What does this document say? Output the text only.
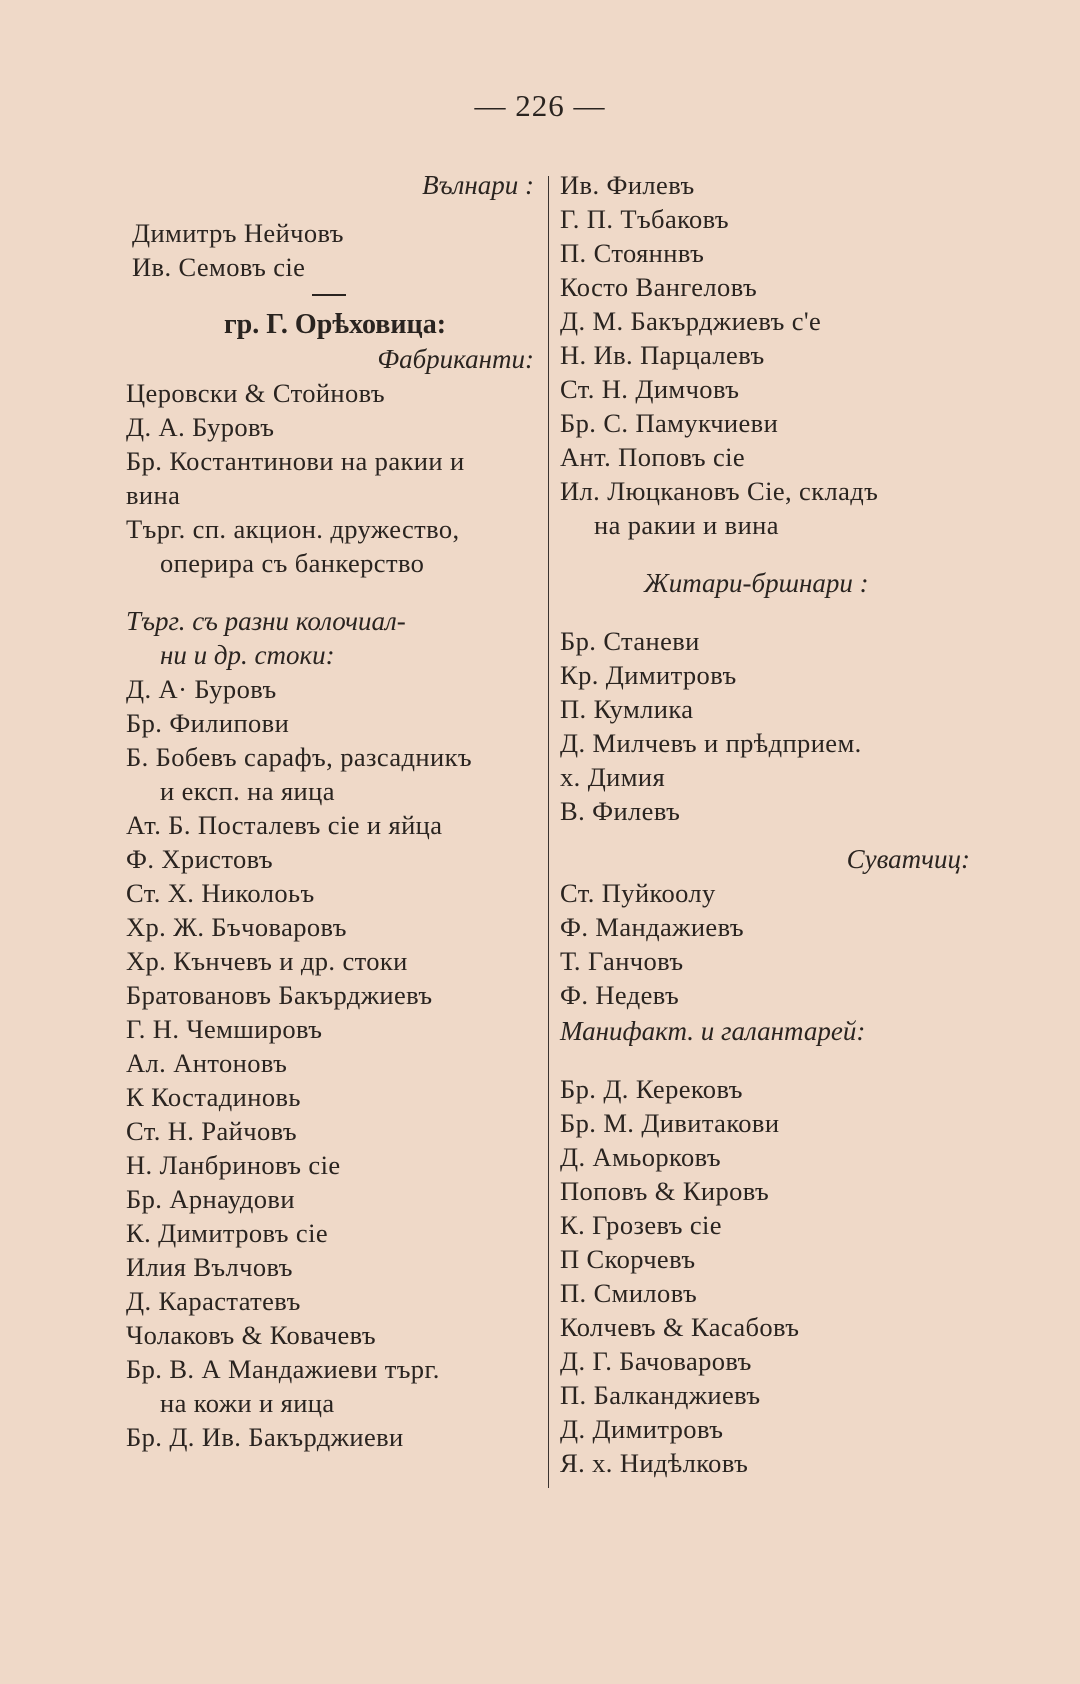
— 226 —
Вълнари :
Димитръ Нейчовъ
Ив. Семовъ сіе
гр. Г. Орѣховица:
Фабриканти:
Церовски & Стойновъ
Д. А. Буровъ
Бр. Костантинови на ракии и
вина
Търг. сп. акцион. дружество,
оперира съ банкерство
Търг. съ разни колочиал-
ни и др. стоки:
Д. А· Буровъ
Бр. Филипови
Б. Бобевъ сарафъ, разсадникъ
и експ. на яица
Ат. Б. Посталевъ сіе и яйца
Ф. Христовъ
Ст. Х. Николоьъ
Хр. Ж. Бъчоваровъ
Хр. Кънчевъ и др. стоки
Братовановъ Бакърджиевъ
Г. Н. Чемшировъ
Ал. Антоновъ
К Костадиновь
Ст. Н. Райчовъ
Н. Ланбриновъ сіе
Бр. Арнаудови
К. Димитровъ сіе
Илия Вълчовъ
Д. Карастатевъ
Чолаковъ & Ковачевъ
Бр. В. А Мандажиеви търг.
на кожи и яица
Бр. Д. Ив. Бакърджиеви
Ив. Филевъ
Г. П. Тъбаковъ
П. Стояннвъ
Косто Вангеловъ
Д. М. Бакърджиевъ с'е
Н. Ив. Парцалевъ
Ст. Н. Димчовъ
Бр. С. Памукчиеви
Ант. Поповъ сіе
Ил. Люцкановъ Сіе, складъ
на ракии и вина
Житари-бршнари :
Бр. Станеви
Кр. Димитровъ
П. Кумлика
Д. Милчевъ и прѣдприем.
х. Димия
В. Филевъ
Суватчиц:
Ст. Пуйкоолу
Ф. Мандажиевъ
Т. Ганчовъ
Ф. Недевъ
Манифакт. и галантарей:
Бр. Д. Керековъ
Бр. М. Дивитакови
Д. Амьорковъ
Поповъ & Кировъ
К. Грозевъ сіе
П Скорчевъ
П. Смиловъ
Колчевъ & Касабовъ
Д. Г. Бачоваровъ
П. Балканджиевъ
Д. Димитровъ
Я. х. Нидѣлковъ
